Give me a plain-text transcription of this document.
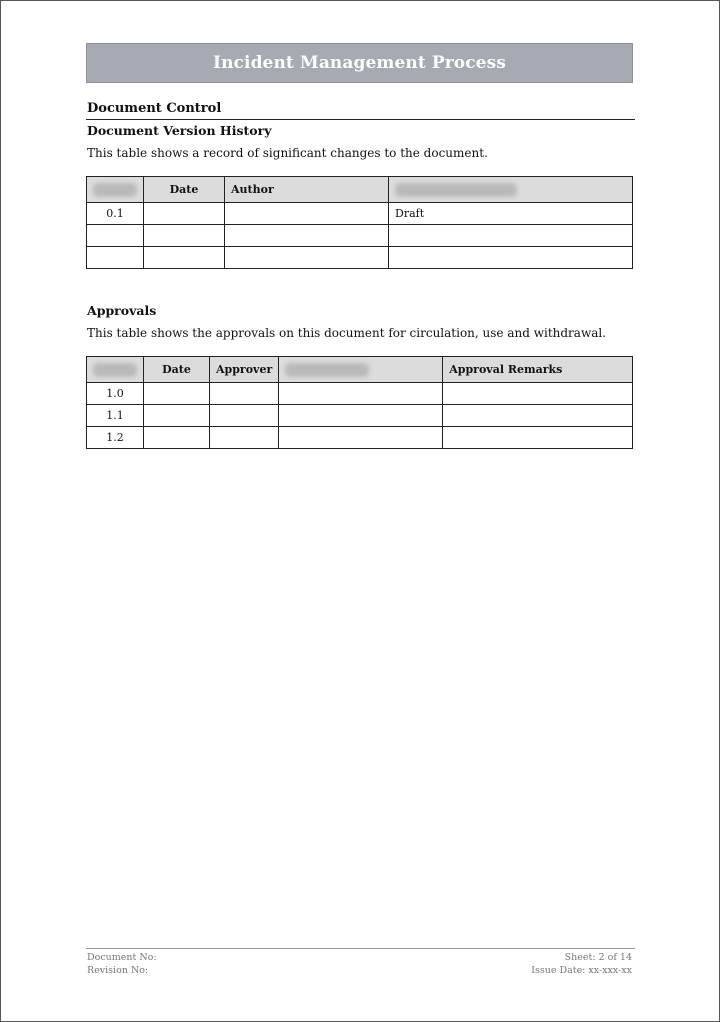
Incident Management Process
Document Control
Document Version History
This table shows a record of significant changes to the document.
	Date	Author	
0.1			Draft

Approvals
This table shows the approvals on this document for circulation, use and withdrawal.
	Date	Approver		Approval Remarks
1.0				
1.1				
1.2				
Document No:
Revision No:
Sheet: 2 of 14
Issue Date: xx-xxx-xx
